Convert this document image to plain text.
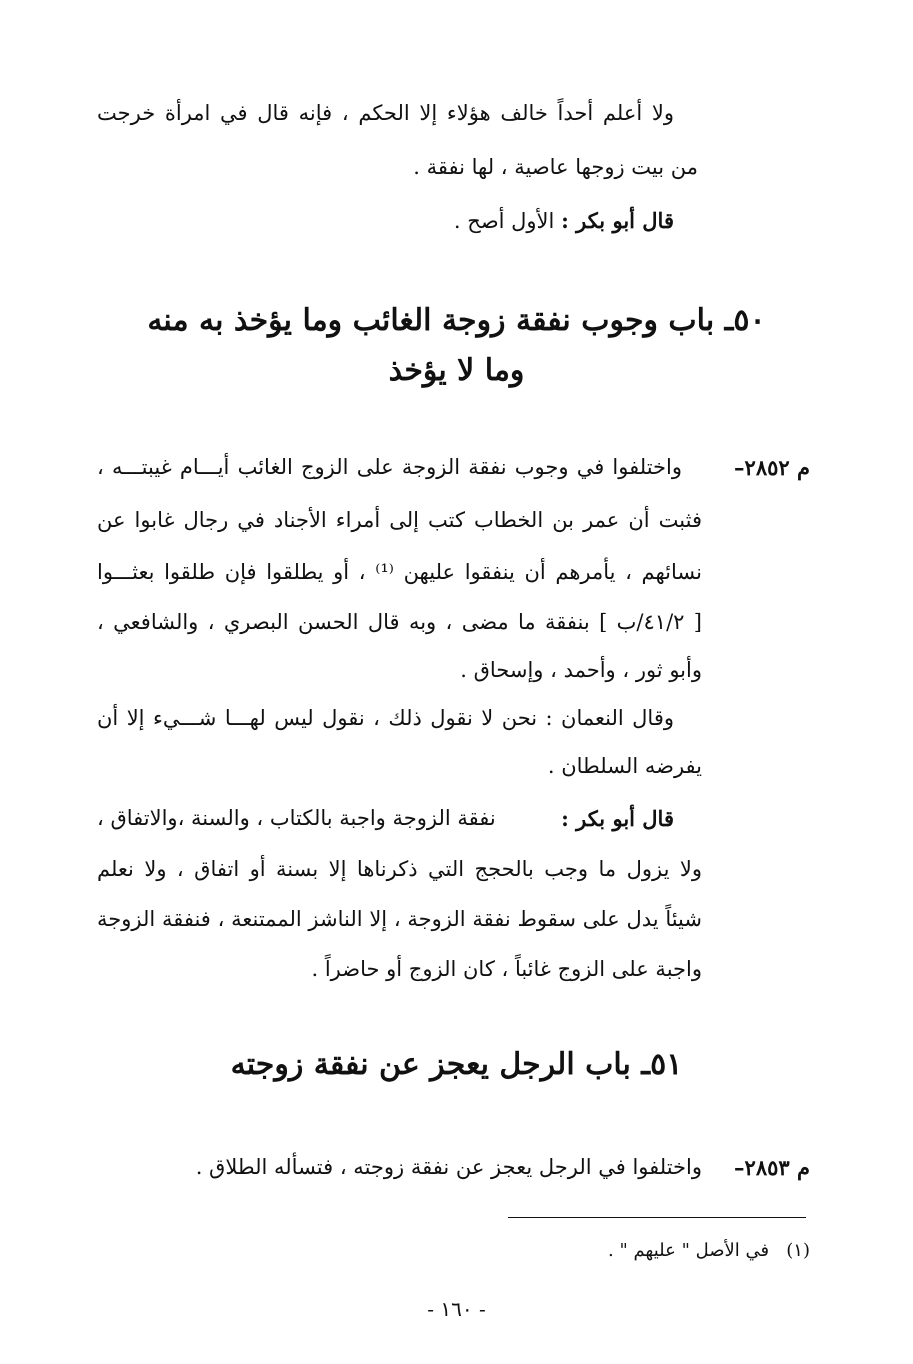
ولا أعلم أحداً خالف هؤلاء إلا الحكم ، فإنه قال في امرأة خرجت
من بيت زوجها عاصية ، لها نفقة .
قال أبو بكر : الأول أصح .
٥٠ـ باب وجوب نفقة زوجة الغائب وما يؤخذ به منه
وما لا يؤخذ
م ٢٨٥٢–
واختلفوا في وجوب نفقة الزوجة على الزوج الغائب أيـــام غيبتـــه ،
فثبت أن عمر بن الخطاب كتب إلى أمراء الأجناد في رجال غابوا عن
نسائهم ، يأمرهم أن ينفقوا عليهن ⁽¹⁾ ، أو يطلقوا فإن طلقوا بعثـــوا
[ ٤١/٢/ب ] بنفقة ما مضى ، وبه قال الحسن البصري ، والشافعي ،
وأبو ثور ، وأحمد ، وإسحاق .
وقال النعمان : نحن لا نقول ذلك ، نقول ليس لهـــا شـــيء إلا أن
يفرضه السلطان .
قال أبو بكر :
نفقة الزوجة واجبة بالكتاب ، والسنة ،والاتفاق ،
ولا يزول ما وجب بالحجج التي ذكرناها إلا بسنة أو اتفاق ، ولا نعلم
شيئاً يدل على سقوط نفقة الزوجة ، إلا الناشز الممتنعة ، فنفقة الزوجة
واجبة على الزوج غائباً ، كان الزوج أو حاضراً .
٥١ـ باب الرجل يعجز عن نفقة زوجته
م ٢٨٥٣–
واختلفوا في الرجل يعجز عن نفقة زوجته ، فتسأله الطلاق .
(١)   في الأصل " عليهم " .
- ١٦٠ -
